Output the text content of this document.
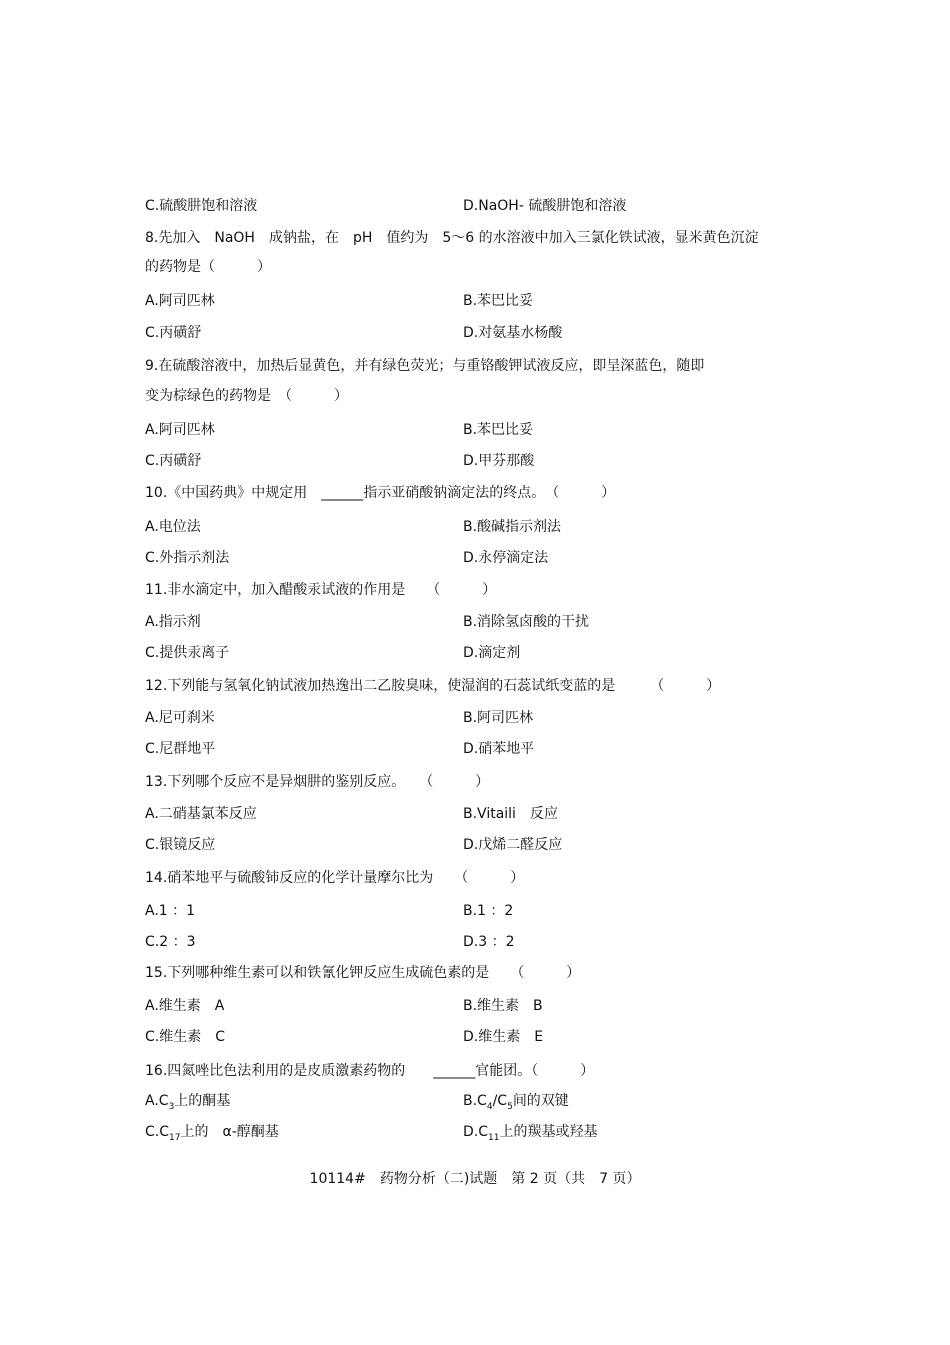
C.硫酸肼饱和溶液	D.NaOH- 硫酸肼饱和溶液
8.先加入　NaOH　成钠盐，在　pH　值约为　5～6 的水溶液中加入三氯化铁试液，显米黄色沉淀
的药物是（　　　）
A.阿司匹林	B.苯巴比妥
C.丙磺舒	D.对氨基水杨酸
9.在硫酸溶液中，加热后显黄色，并有绿色荧光；与重铬酸钾试液反应，即呈深蓝色，随即
变为棕绿色的药物是　（　　　）
A.阿司匹林	B.苯巴比妥
C.丙磺舒	D.甲芬那酸
10.《中国药典》中规定用　______指示亚硝酸钠滴定法的终点。　（　　　）
A.电位法	B.酸碱指示剂法
C.外指示剂法	D.永停滴定法
11.非水滴定中，加入醋酸汞试液的作用是　　（　　　）
A.指示剂	B.消除氢卤酸的干扰
C.提供汞离子	D.滴定剂
12.下列能与氢氧化钠试液加热逸出二乙胺臭味，使湿润的石蕊试纸变蓝的是　　　（　　　）
A.尼可刹米	B.阿司匹林
C.尼群地平	D.硝苯地平
13.下列哪个反应不是异烟肼的鉴别反应。　　（　　　）
A.二硝基氯苯反应	B.Vitaili　反应
C.银镜反应	D.戊烯二醛反应
14.硝苯地平与硫酸铈反应的化学计量摩尔比为　　（　　　）
A.1 ：1	B.1 ：2
C.2 ：3	D.3 ：2
15.下列哪种维生素可以和铁氰化钾反应生成硫色素的是　　（　　　）
A.维生素　A	B.维生素　B
C.维生素　C	D.维生素　E
16.四氮唑比色法利用的是皮质激素药物的　　______官能团。（　　　）
$A.C_3$上的酮基	$B.C_4/C_5$间的双键
$C.C_{17}$上的　α-醇酮基	$D.C_{11}$上的羰基或羟基
10114#　药物分析（二)试题　第 2 页（共　7 页）
